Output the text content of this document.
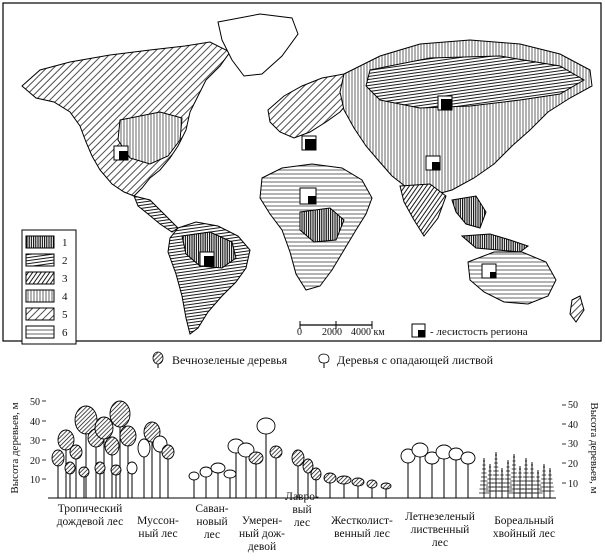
1
2
3
4
5
6	0 2000 4000 км	- лесистость региона
Вечнозеленые деревья	Деревья с опадающей листвой
Высота деревьев, м	Высота деревьев, м
10
20
30
40
50
10
20
30
40
50
Тропический дождевой лес Муссон-ный лес
Саван-новый лес
Умерен-ный дож-девой
Лавро-вый лес	Жестколист-венный лес
Летнезеленый лиственный лес
Бореальный хвойный лес
